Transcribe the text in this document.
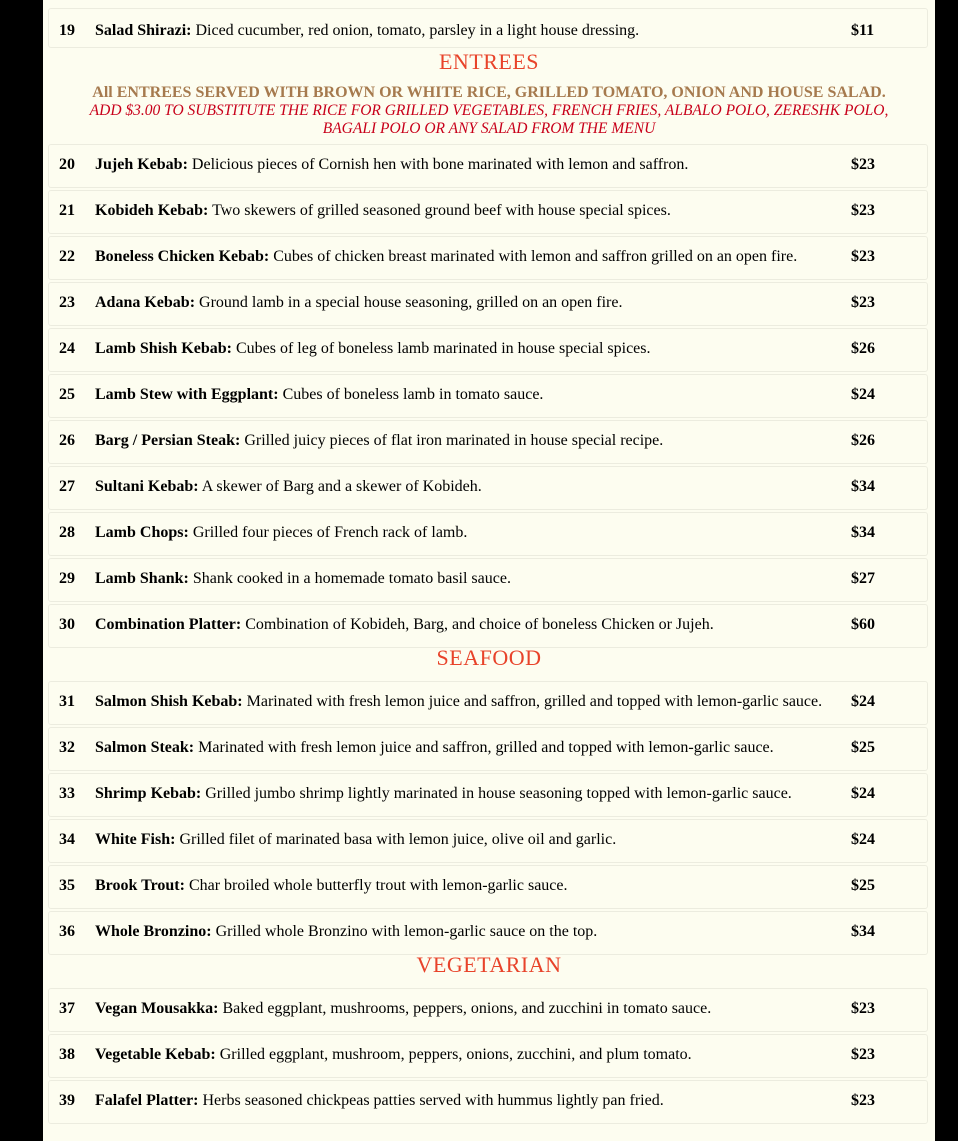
19 Salad Shirazi: Diced cucumber, red onion, tomato, parsley in a light house dressing.	$11
ENTREES
All ENTREES SERVED WITH BROWN OR WHITE RICE, GRILLED TOMATO, ONION AND HOUSE SALAD.
ADD $3.00 TO SUBSTITUTE THE RICE FOR GRILLED VEGETABLES, FRENCH FRIES, ALBALO POLO, ZERESHK POLO, BAGALI POLO OR ANY SALAD FROM THE MENU
20 Jujeh Kebab: Delicious pieces of Cornish hen with bone marinated with lemon and saffron.	$23
21 Kobideh Kebab: Two skewers of grilled seasoned ground beef with house special spices.	$23
22 Boneless Chicken Kebab: Cubes of chicken breast marinated with lemon and saffron grilled on an open fire.	$23
23 Adana Kebab: Ground lamb in a special house seasoning, grilled on an open fire.	$23
24 Lamb Shish Kebab: Cubes of leg of boneless lamb marinated in house special spices.	$26
25 Lamb Stew with Eggplant: Cubes of boneless lamb in tomato sauce.	$24
26 Barg / Persian Steak: Grilled juicy pieces of flat iron marinated in house special recipe.	$26
27 Sultani Kebab: A skewer of Barg and a skewer of Kobideh.	$34
28 Lamb Chops: Grilled four pieces of French rack of lamb.	$34
29 Lamb Shank: Shank cooked in a homemade tomato basil sauce.	$27
30 Combination Platter: Combination of Kobideh, Barg, and choice of boneless Chicken or Jujeh.	$60
SEAFOOD
31 Salmon Shish Kebab: Marinated with fresh lemon juice and saffron, grilled and topped with lemon-garlic sauce.	$24
32 Salmon Steak: Marinated with fresh lemon juice and saffron, grilled and topped with lemon-garlic sauce.	$25
33 Shrimp Kebab: Grilled jumbo shrimp lightly marinated in house seasoning topped with lemon-garlic sauce.	$24
34 White Fish: Grilled filet of marinated basa with lemon juice, olive oil and garlic.	$24
35 Brook Trout: Char broiled whole butterfly trout with lemon-garlic sauce.	$25
36 Whole Bronzino: Grilled whole Bronzino with lemon-garlic sauce on the top.	$34
VEGETARIAN
37 Vegan Mousakka: Baked eggplant, mushrooms, peppers, onions, and zucchini in tomato sauce.	$23
38 Vegetable Kebab: Grilled eggplant, mushroom, peppers, onions, zucchini, and plum tomato.	$23
39 Falafel Platter: Herbs seasoned chickpeas patties served with hummus lightly pan fried.	$23
